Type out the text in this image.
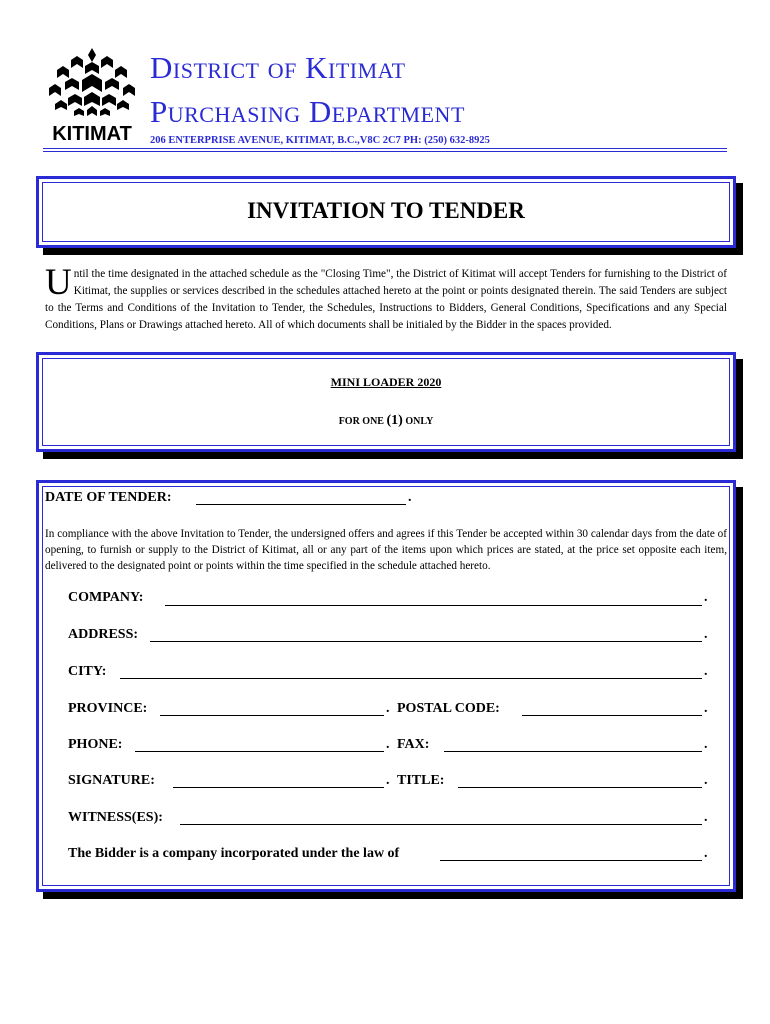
KITIMAT
District of Kitimat
Purchasing Department
206 ENTERPRISE AVENUE, KITIMAT, B.C.,V8C 2C7 PH: (250) 632-8925
INVITATION TO TENDER
U ntil the time designated in the attached schedule as the "Closing Time", the District of Kitimat will accept Tenders for furnishing to the District of Kitimat, the supplies or services described in the schedules attached hereto at the point or points designated therein. The said Tenders are subject to the Terms and Conditions of the Invitation to Tender, the Schedules, Instructions to Bidders, General Conditions, Specifications and any Special Conditions, Plans or Drawings attached hereto. All of which documents shall be initialed by the Bidder in the spaces provided.
MINI LOADER 2020
FOR ONE (1) ONLY
DATE OF TENDER:	.
In compliance with the above Invitation to Tender, the undersigned offers and agrees if this Tender be accepted within 30 calendar days from the date of opening, to furnish or supply to the District of Kitimat, all or any part of the items upon which prices are stated, at the price set opposite each item, delivered to the designated point or points within the time specified in the schedule attached hereto.
COMPANY:	.
ADDRESS:	.
CITY:	.
PROVINCE:	. POSTAL CODE:	.
PHONE:	. FAX:	.
SIGNATURE:	. TITLE:	.
WITNESS(ES):	.
The Bidder is a company incorporated under the law of	.
